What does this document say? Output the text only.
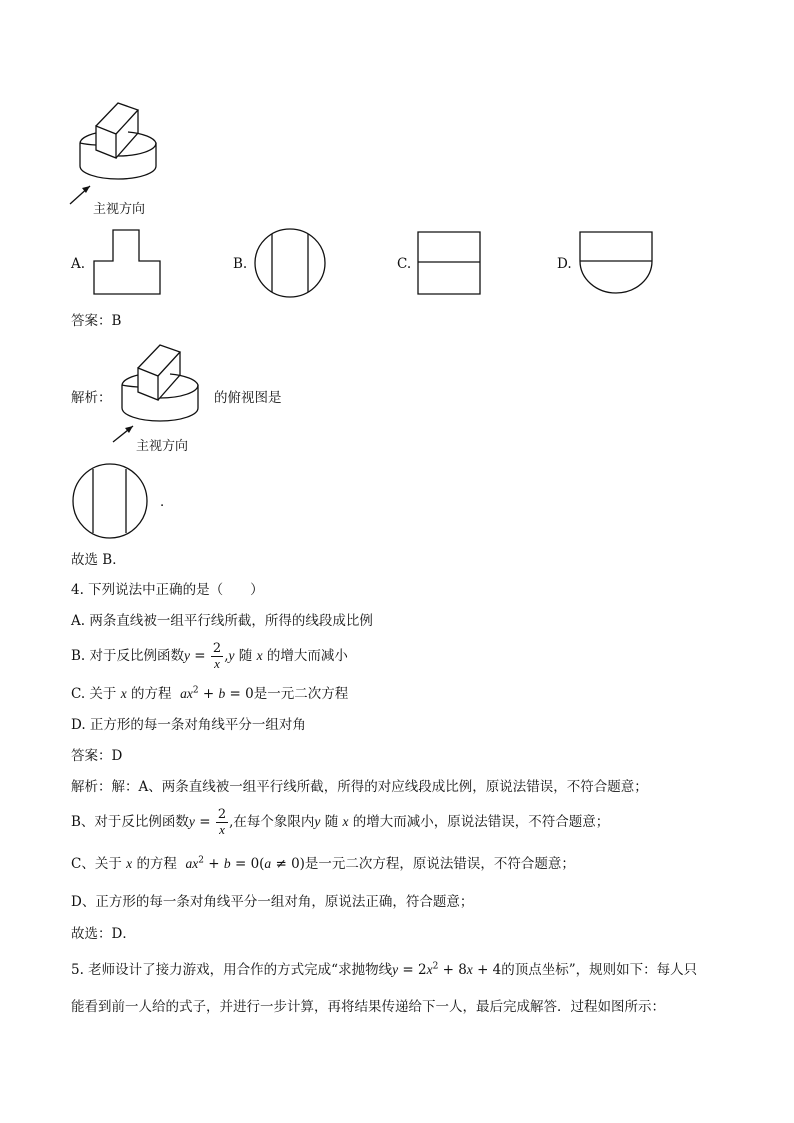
主视方向
A.	B.	C.	D.
答案：B
解析：	的俯视图是
主视方向
．
故选 B．
4. 下列说法中正确的是（　　）
A. 两条直线被一组平行线所截，所得的线段成比例
B. 对于反比例函数$y = \frac{2}{x} ,y$ 随 x 的增大而减小
C. 关于 x 的方程 $ax^2 + b = 0$是一元二次方程
D. 正方形的每一条对角线平分一组对角
答案：D
解析：解：A、两条直线被一组平行线所截，所得的对应线段成比例，原说法错误，不符合题意；
B、对于反比例函数$y = \frac{2}{x}$ ,在每个象限内y 随 x 的增大而减小，原说法错误，不符合题意；
C、关于 x 的方程 $ax^2 + b = 0(a \ne 0)$是一元二次方程，原说法错误，不符合题意；
D、正方形的每一条对角线平分一组对角，原说法正确，符合题意；
故选：D．
5. 老师设计了接力游戏，用合作的方式完成“求抛物线$y = 2x^2 + 8x + 4$的顶点坐标”，规则如下：每人只
能看到前一人给的式子，并进行一步计算，再将结果传递给下一人，最后完成解答．过程如图所示：
